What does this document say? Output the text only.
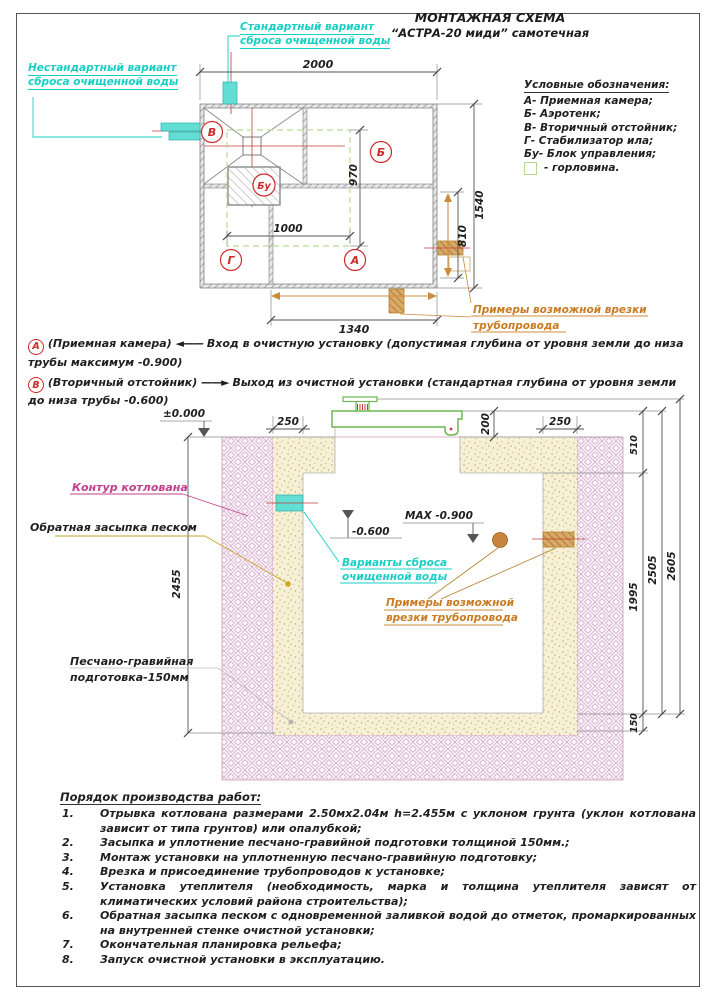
2000
970
1000	810
1540
1340
В
Б
Бу
Г	А
Примеры возможной врезки
трубопровода
±0.000
-0.600
MAX -0.900
250	250
200
2455
510
1995
150
2505 2605
Контур котлована
Обратная засыпка песком
Варианты сброса
очищенной воды
Примеры возможной
врезки трубопровода
Песчано-гравийная
подготовка-150мм
МОНТАЖНАЯ СХЕМА
“АСТРА-20 миди” самотечная
Стандартный вариант
сброса очищенной воды
Нестандартный вариант
сброса очищенной воды	Условные обозначения:
А- Приемная камера;
Б- Аэротенк;
В- Вторичный отстойник;
Г- Стабилизатор ила;
Бу- Блок управления;
- горловина.

А (Приемная камера) ◄—— Вход в очистную установку (допустимая глубина от уровня земли до низа трубы максимум -0.900)

В (Вторичный отстойник) ——► Выход из очистной установки (стандартная глубина от уровня земли до низа трубы -0.600)

Порядок производства работ:
1.	Отрывка котлована размерами 2.50мх2.04м h=2.455м с уклоном грунта (уклон котлована зависит от типа грунтов) или опалубкой;
2.	Засыпка и уплотнение песчано-гравийной подготовки толщиной 150мм.;
3.	Монтаж установки на уплотненную песчано-гравийную подготовку;
4.	Врезка и присоединение трубопроводов к установке;
5.	Установка утеплителя (необходимость, марка и толщина утеплителя зависят от климатических условий района строительства);
6.	Обратная засыпка песком с одновременной заливкой водой до отметок, промаркированных на внутренней стенке очистной установки;
7.	Окончательная планировка рельефа;
8.	Запуск очистной установки в эксплуатацию.
